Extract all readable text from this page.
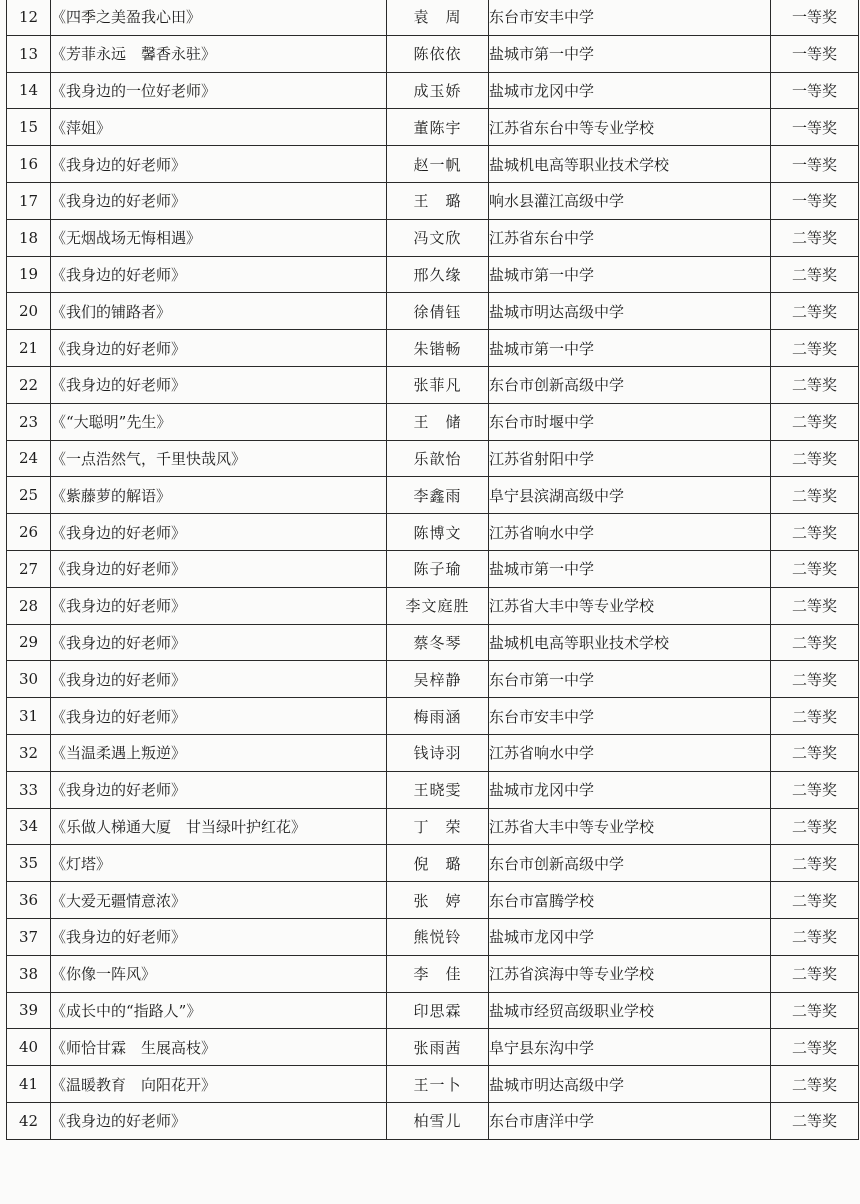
12	《四季之美盈我心田》	袁　周	东台市安丰中学	一等奖
13	《芳菲永远　馨香永驻》	陈依依	盐城市第一中学	一等奖
14	《我身边的一位好老师》	成玉娇	盐城市龙冈中学	一等奖
15	《萍姐》	董陈宇	江苏省东台中等专业学校	一等奖
16	《我身边的好老师》	赵一帆	盐城机电高等职业技术学校	一等奖
17	《我身边的好老师》	王　璐	响水县灌江高级中学	一等奖
18	《无烟战场无悔相遇》	冯文欣	江苏省东台中学	二等奖
19	《我身边的好老师》	邢久缘	盐城市第一中学	二等奖
20	《我们的铺路者》	徐倩钰	盐城市明达高级中学	二等奖
21	《我身边的好老师》	朱锴畅	盐城市第一中学	二等奖
22	《我身边的好老师》	张菲凡	东台市创新高级中学	二等奖
23	《“大聪明”先生》	王　储	东台市时堰中学	二等奖
24	《一点浩然气，千里快哉风》	乐歆怡	江苏省射阳中学	二等奖
25	《紫藤萝的解语》	李鑫雨	阜宁县滨湖高级中学	二等奖
26	《我身边的好老师》	陈博文	江苏省响水中学	二等奖
27	《我身边的好老师》	陈子瑜	盐城市第一中学	二等奖
28	《我身边的好老师》	李文庭胜	江苏省大丰中等专业学校	二等奖
29	《我身边的好老师》	蔡冬琴	盐城机电高等职业技术学校	二等奖
30	《我身边的好老师》	吴梓静	东台市第一中学	二等奖
31	《我身边的好老师》	梅雨涵	东台市安丰中学	二等奖
32	《当温柔遇上叛逆》	钱诗羽	江苏省响水中学	二等奖
33	《我身边的好老师》	王晓雯	盐城市龙冈中学	二等奖
34	《乐做人梯通大厦　甘当绿叶护红花》	丁　荣	江苏省大丰中等专业学校	二等奖
35	《灯塔》	倪　璐	东台市创新高级中学	二等奖
36	《大爱无疆情意浓》	张　婷	东台市富腾学校	二等奖
37	《我身边的好老师》	熊悦铃	盐城市龙冈中学	二等奖
38	《你像一阵风》	李　佳	江苏省滨海中等专业学校	二等奖
39	《成长中的“指路人”》	印思霖	盐城市经贸高级职业学校	二等奖
40	《师恰甘霖　生展高枝》	张雨茜	阜宁县东沟中学	二等奖
41	《温暖教育　向阳花开》	王一卜	盐城市明达高级中学	二等奖
42	《我身边的好老师》	柏雪儿	东台市唐洋中学	二等奖
